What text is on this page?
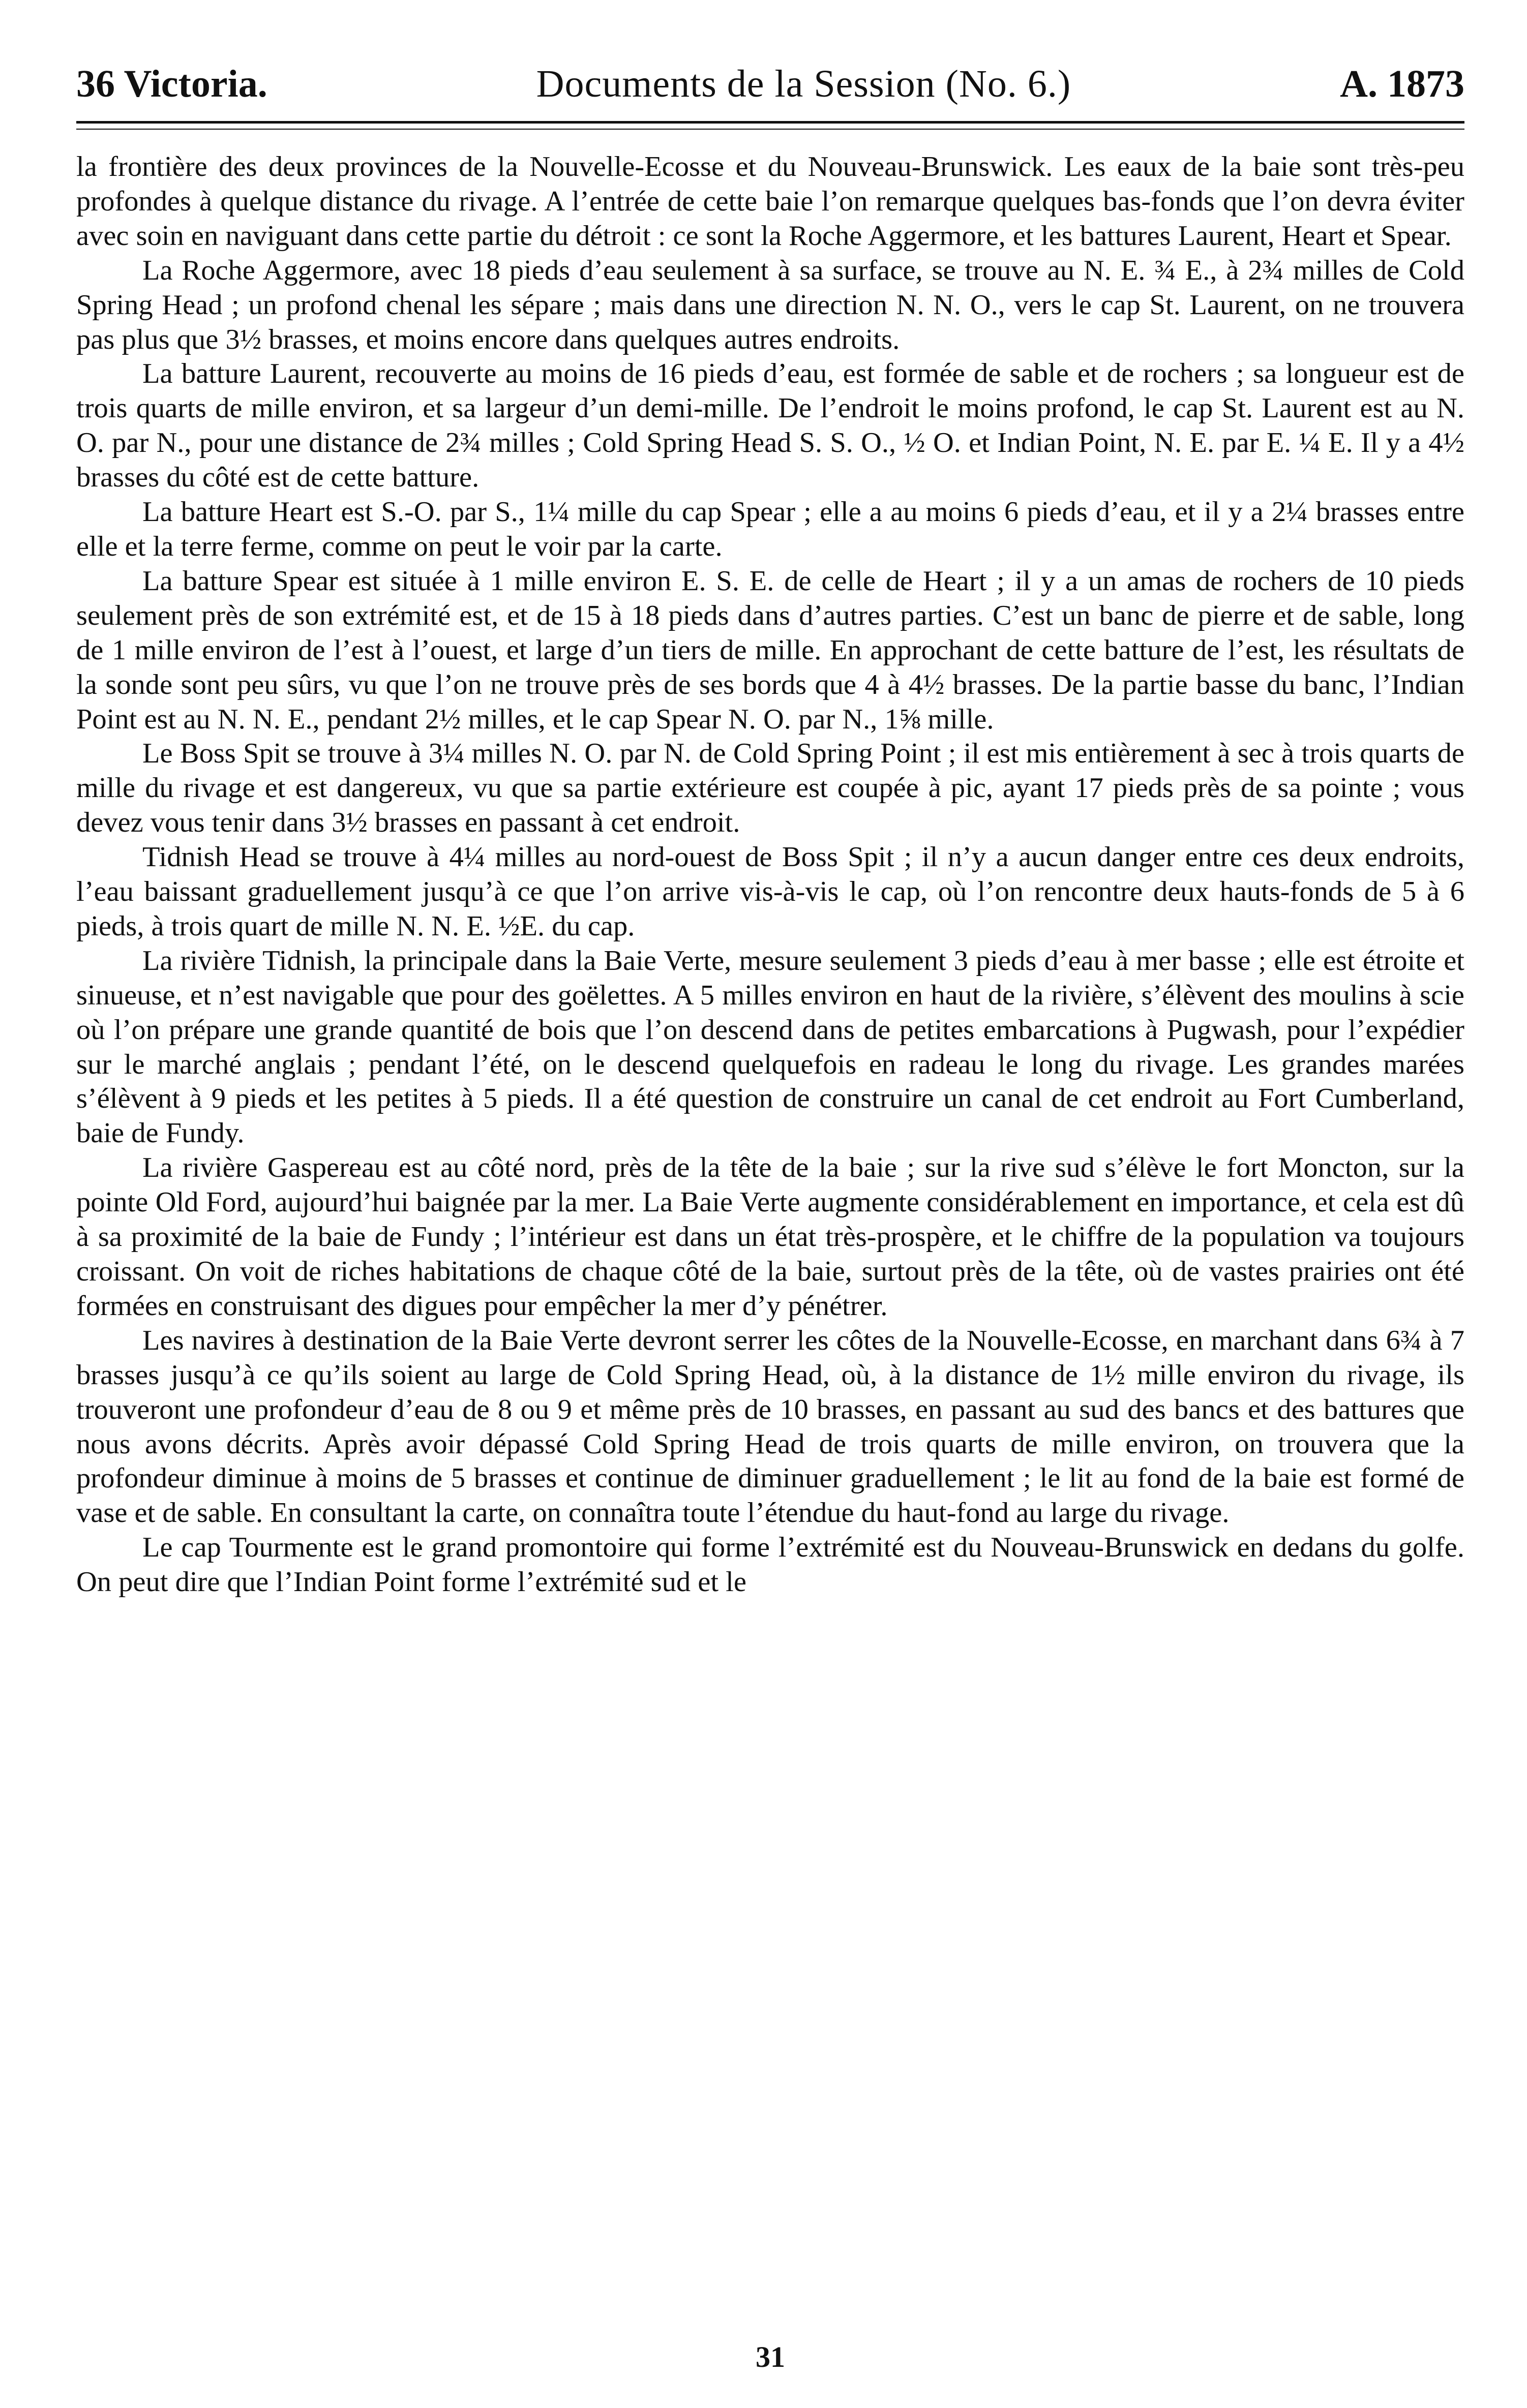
36 Victoria.	Documents de la Session (No. 6.)	A. 1873

la frontière des deux provinces de la Nouvelle-Ecosse et du Nouveau-Brunswick. Les eaux de la baie sont très-peu profondes à quelque distance du rivage. A l’entrée de cette baie l’on remarque quelques bas-fonds que l’on devra éviter avec soin en naviguant dans cette partie du détroit : ce sont la Roche Aggermore, et les battures Laurent, Heart et Spear.

La Roche Aggermore, avec 18 pieds d’eau seulement à sa surface, se trouve au N. E. ¾ E., à 2¾ milles de Cold Spring Head ; un profond chenal les sépare ; mais dans une direction N. N. O., vers le cap St. Laurent, on ne trouvera pas plus que 3½ brasses, et moins encore dans quelques autres endroits.

La batture Laurent, recouverte au moins de 16 pieds d’eau, est formée de sable et de rochers ; sa longueur est de trois quarts de mille environ, et sa largeur d’un demi-mille. De l’endroit le moins profond, le cap St. Laurent est au N. O. par N., pour une distance de 2¾ milles ; Cold Spring Head S. S. O., ½ O. et Indian Point, N. E. par E. ¼ E. Il y a 4½ brasses du côté est de cette batture.

La batture Heart est S.-O. par S., 1¼ mille du cap Spear ; elle a au moins 6 pieds d’eau, et il y a 2¼ brasses entre elle et la terre ferme, comme on peut le voir par la carte.

La batture Spear est située à 1 mille environ E. S. E. de celle de Heart ; il y a un amas de rochers de 10 pieds seulement près de son extrémité est, et de 15 à 18 pieds dans d’autres parties. C’est un banc de pierre et de sable, long de 1 mille environ de l’est à l’ouest, et large d’un tiers de mille. En approchant de cette batture de l’est, les résultats de la sonde sont peu sûrs, vu que l’on ne trouve près de ses bords que 4 à 4½ brasses. De la partie basse du banc, l’Indian Point est au N. N. E., pendant 2½ milles, et le cap Spear N. O. par N., 1⅝ mille.

Le Boss Spit se trouve à 3¼ milles N. O. par N. de Cold Spring Point ; il est mis entièrement à sec à trois quarts de mille du rivage et est dangereux, vu que sa partie extérieure est coupée à pic, ayant 17 pieds près de sa pointe ; vous devez vous tenir dans 3½ brasses en passant à cet endroit.

Tidnish Head se trouve à 4¼ milles au nord-ouest de Boss Spit ; il n’y a aucun danger entre ces deux endroits, l’eau baissant graduellement jusqu’à ce que l’on arrive vis-à-vis le cap, où l’on rencontre deux hauts-fonds de 5 à 6 pieds, à trois quart de mille N. N. E. ½E. du cap.

La rivière Tidnish, la principale dans la Baie Verte, mesure seulement 3 pieds d’eau à mer basse ; elle est étroite et sinueuse, et n’est navigable que pour des goëlettes. A 5 milles environ en haut de la rivière, s’élèvent des moulins à scie où l’on prépare une grande quantité de bois que l’on descend dans de petites embarcations à Pugwash, pour l’expédier sur le marché anglais ; pendant l’été, on le descend quelquefois en radeau le long du rivage. Les grandes marées s’élèvent à 9 pieds et les petites à 5 pieds. Il a été question de construire un canal de cet endroit au Fort Cumberland, baie de Fundy.

La rivière Gaspereau est au côté nord, près de la tête de la baie ; sur la rive sud s’élève le fort Moncton, sur la pointe Old Ford, aujourd’hui baignée par la mer. La Baie Verte augmente considérablement en importance, et cela est dû à sa proximité de la baie de Fundy ; l’intérieur est dans un état très-prospère, et le chiffre de la population va toujours croissant. On voit de riches habitations de chaque côté de la baie, surtout près de la tête, où de vastes prairies ont été formées en construisant des digues pour empêcher la mer d’y pénétrer.

Les navires à destination de la Baie Verte devront serrer les côtes de la Nouvelle-Ecosse, en marchant dans 6¾ à 7 brasses jusqu’à ce qu’ils soient au large de Cold Spring Head, où, à la distance de 1½ mille environ du rivage, ils trouveront une profondeur d’eau de 8 ou 9 et même près de 10 brasses, en passant au sud des bancs et des battures que nous avons décrits. Après avoir dépassé Cold Spring Head de trois quarts de mille environ, on trouvera que la profondeur diminue à moins de 5 brasses et continue de diminuer graduellement ; le lit au fond de la baie est formé de vase et de sable. En consultant la carte, on connaîtra toute l’étendue du haut-fond au large du rivage.

Le cap Tourmente est le grand promontoire qui forme l’extrémité est du Nouveau-Brunswick en dedans du golfe. On peut dire que l’Indian Point forme l’extrémité sud et le

31
